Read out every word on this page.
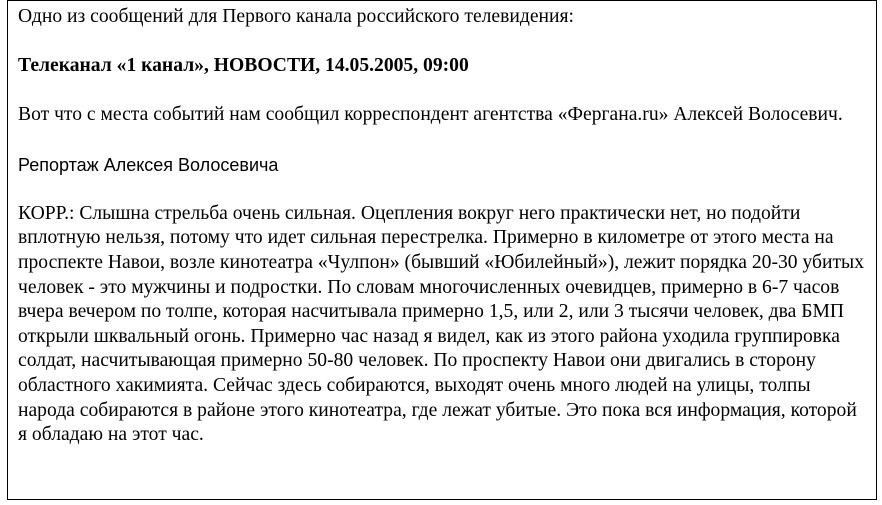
Одно из сообщений для Первого канала российского телевидения:

Телеканал «1 канал», НОВОСТИ, 14.05.2005, 09:00

Вот что с места событий нам сообщил корреспондент агентства «Фергана.ru» Алексей Волосевич.

Репортаж Алексея Волосевича

КОРР.: Слышна стрельба очень сильная. Оцепления вокруг него практически нет, но подойти вплотную нельзя, потому что идет сильная перестрелка. Примерно в километре от этого места на проспекте Навои, возле кинотеатра «Чулпон» (бывший «Юбилейный»), лежит порядка 20-30 убитых человек - это мужчины и подростки. По словам многочисленных очевидцев, примерно в 6-7 часов вчера вечером по толпе, которая насчитывала примерно 1,5, или 2, или 3 тысячи человек, два БМП открыли шквальный огонь. Примерно час назад я видел, как из этого района уходила группировка солдат, насчитывающая примерно 50-80 человек. По проспекту Навои они двигались в сторону областного хакимията. Сейчас здесь собираются, выходят очень много людей на улицы, толпы народа собираются в районе этого кинотеатра, где лежат убитые. Это пока вся информация, которой я обладаю на этот час.
